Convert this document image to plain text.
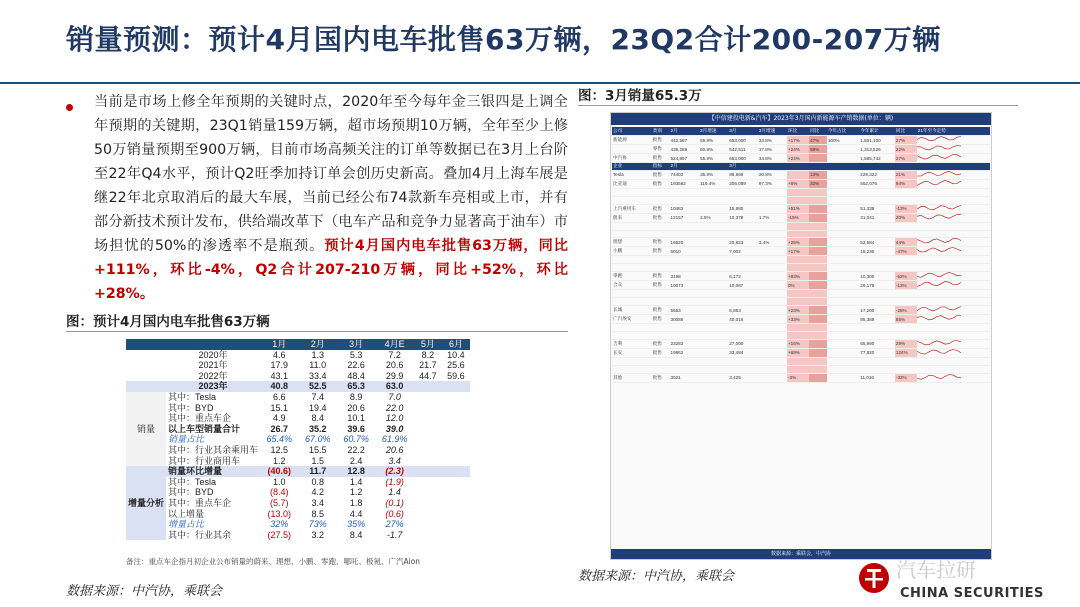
销量预测：预计4月国内电车批售63万辆，23Q2合计200-207万辆
当前是市场上修全年预期的关键时点，2020年至今每年金三银四是上调全年预期的关键期，23Q1销量159万辆，超市场预期10万辆，全年至少上修50万销量预期至900万辆，目前市场高频关注的订单等数据已在3月上台阶至22年Q4水平，预计Q2旺季加持订单会创历史新高。叠加4月上海车展是继22年北京取消后的最大车展，当前已经公布74款新车亮相或上市，并有部分新技术预计发布，供给端改革下（电车产品和竞争力显著高于油车）市场担忧的50%的渗透率不是瓶颈。预计4月国内电车批售63万辆，同比+111%，环比-4%，Q2合计207-210万辆，同比+52%，环比+28%。
图：预计4月国内电车批售63万辆
		1月	2月	3月	4月E	5月	6月
	2020年	4.6	1.3	5.3	7.2	8.2	10.4
	2021年	17.9	11.0	22.6	20.6	21.7	25.6
	2022年	43.1	33.4	48.4	29.9	44.7	59.6
	2023年	40.8	52.5	65.3	63.0		
销量	其中：Tesla	6.6	7.4	8.9	7.0		
	其中：BYD	15.1	19.4	20.6	22.0		
	其中：重点车企	4.9	8.4	10.1	12.0		
	以上车型销量合计	26.7	35.2	39.6	39.0		
	销量占比	65.4%	67.0%	60.7%	61.9%		
	其中：行业其余乘用车	12.5	15.5	22.2	20.6		
	其中：行业商用车	1.2	1.5	2.4	3.4		
增量分析	销量环比增量	(40.6)	11.7	12.8	(2.3)		
	其中：Tesla	1.0	0.8	1.4	(1.9)		
	其中：BYD	(8.4)	4.2	1.2	1.4		
	其中：重点车企	(5.7)	3.4	1.8	(0.1)		
	以上增量	(13.0)	8.5	4.4	(0.6)		
	增量占比	32%	73%	35%	27%		
	其中：行业其余	(27.5)	3.2	8.4	-1.7		
备注：重点车企指月初企业公布销量的蔚来、理想、小鹏、零跑、哪吒、极氪、广汽Aion
数据来源：中汽协，乘联会
图：3月销量65.3万
【中信建投电新&汽车】2023年3月国内新能源车产销数据(单位：辆)
公司	类别	2月	2月增速	3月	3月增速	环比	同比	今年占比	今年累计	同比	21年至今走势
新能源	批售	442,587	55.9%	653,000	34.8%	+17%	47%	100%	1,501,100	27%	
	零售	438,288	60.8%	542,511	17.8%	+24%	59%		1,313,526	22%	
中汽协	批售	524,897	55.9%	653,000	34.8%	+24%			1,585,742	27%	
企业	指标	2月		3月							
Tesla	批售	74402	35.9%	88,869	20.8%	-	13%		229,322	21%	
比亚迪	批售	193562	119.4%	206,089	97.3%	+6%	32%		552,076	94%	

上汽乘用车	批售	10482		15,880		+51%			51,338	-13%	
蔚来	批售	12157	2.5%	10,378	1.7%	-15%			31,041	20%	

理想	批售	16620		20,823	3.4%	+25%			52,584	44%	
小鹏	批售	6010		7,002		+17%			18,230	-47%	

零跑	批售	3198		6,172		+93%			10,300	-52%	
合众	批售	10073		10,087		0%			26,178	-13%	

长城	批售	5553		6,853		+23%			17,200	-28%	
广汽埃安	批售	30086		40,016		+33%			95,369	85%	

吉利	批售	23283		27,000		+16%			65,990	29%	
长安	批售	19862		33,484		+69%			77,820	124%	

其他	批售	3521		3,425		-3%			11,016	-32%	
数据来源：乘联会，中汽协
数据来源：中汽协，乘联会	汽车拉研
CHINA SECURITIES
